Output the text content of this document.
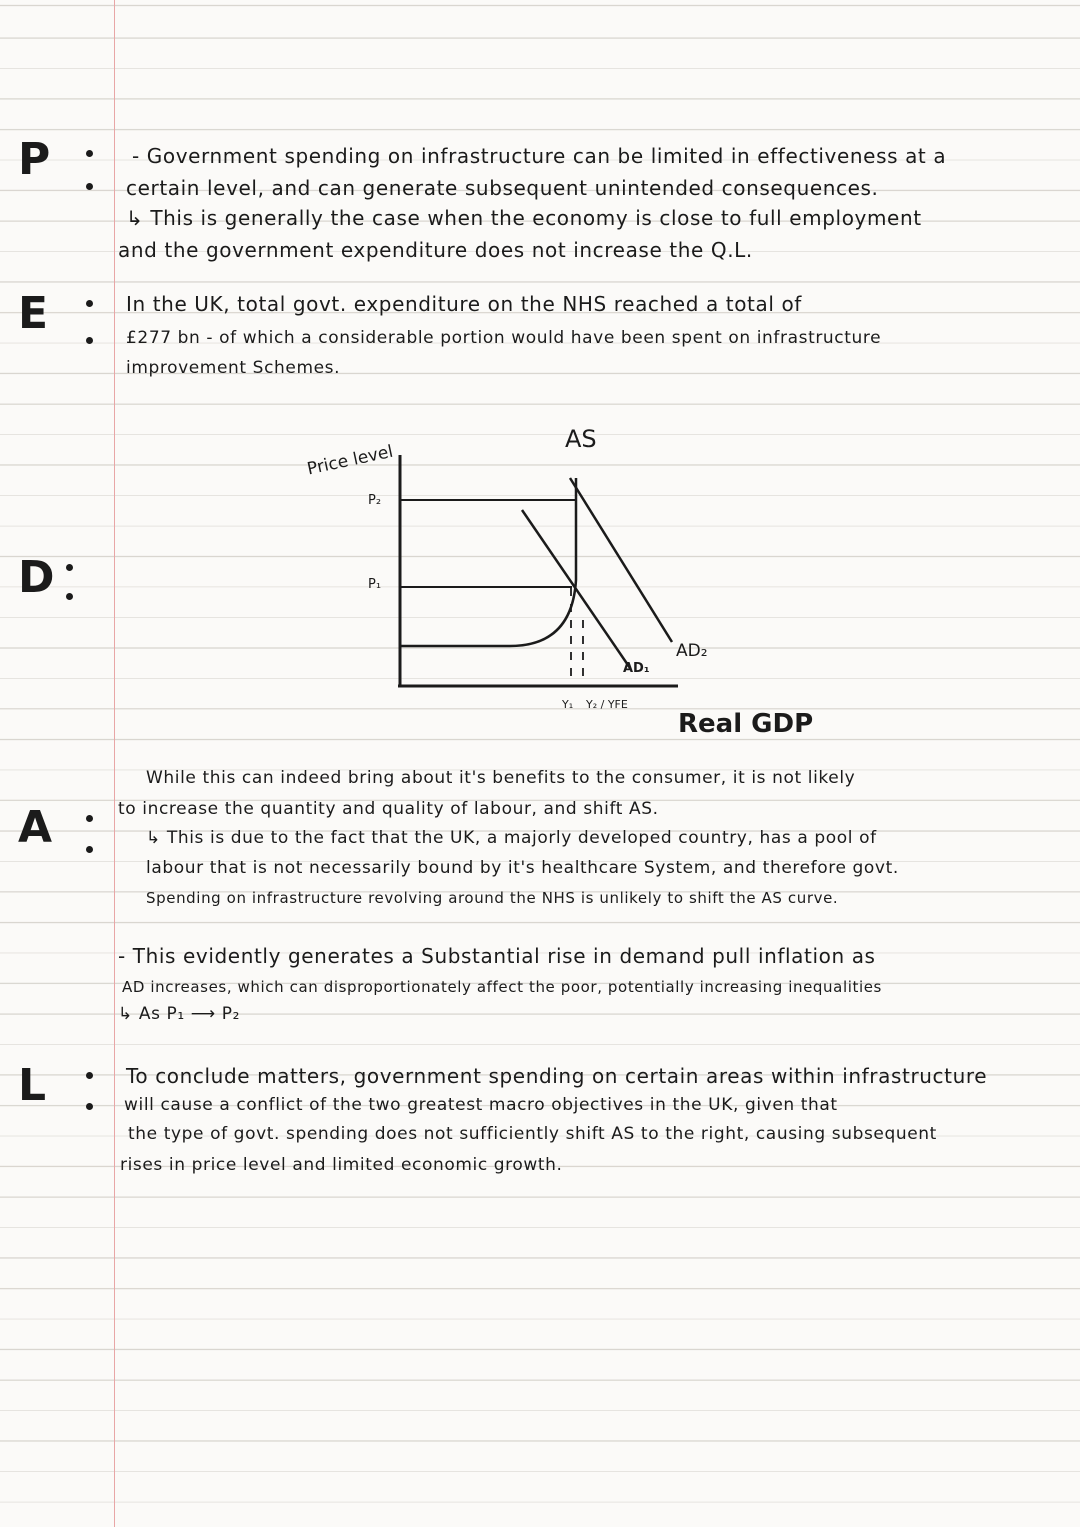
P	- Government spending on infrastructure can be limited in effectiveness at a
certain level, and can generate subsequent unintended consequences.
↳ This is generally the case when the economy is close to full employment
and the government expenditure does not increase the Q.L.
E	In the UK, total govt. expenditure on the NHS reached a total of
£277 bn - of which a considerable portion would have been spent on infrastructure
improvement Schemes.
D
AS
AD₁
AD₂
Price level
P₂
P₁
Y₁ Y₂ / YFE
Real GDP
A
While this can indeed bring about it's benefits to the consumer, it is not likely
to increase the quantity and quality of labour, and shift AS.
↳ This is due to the fact that the UK, a majorly developed country, has a pool of
labour that is not necessarily bound by it's healthcare System, and therefore govt.
Spending on infrastructure revolving around the NHS is unlikely to shift the AS curve.
- This evidently generates a Substantial rise in demand pull inflation as
AD increases, which can disproportionately affect the poor, potentially increasing inequalities
↳ As P₁ ⟶ P₂
L	To conclude matters, government spending on certain areas within infrastructure
will cause a conflict of the two greatest macro objectives in the UK, given that
the type of govt. spending does not sufficiently shift AS to the right, causing subsequent
rises in price level and limited economic growth.
